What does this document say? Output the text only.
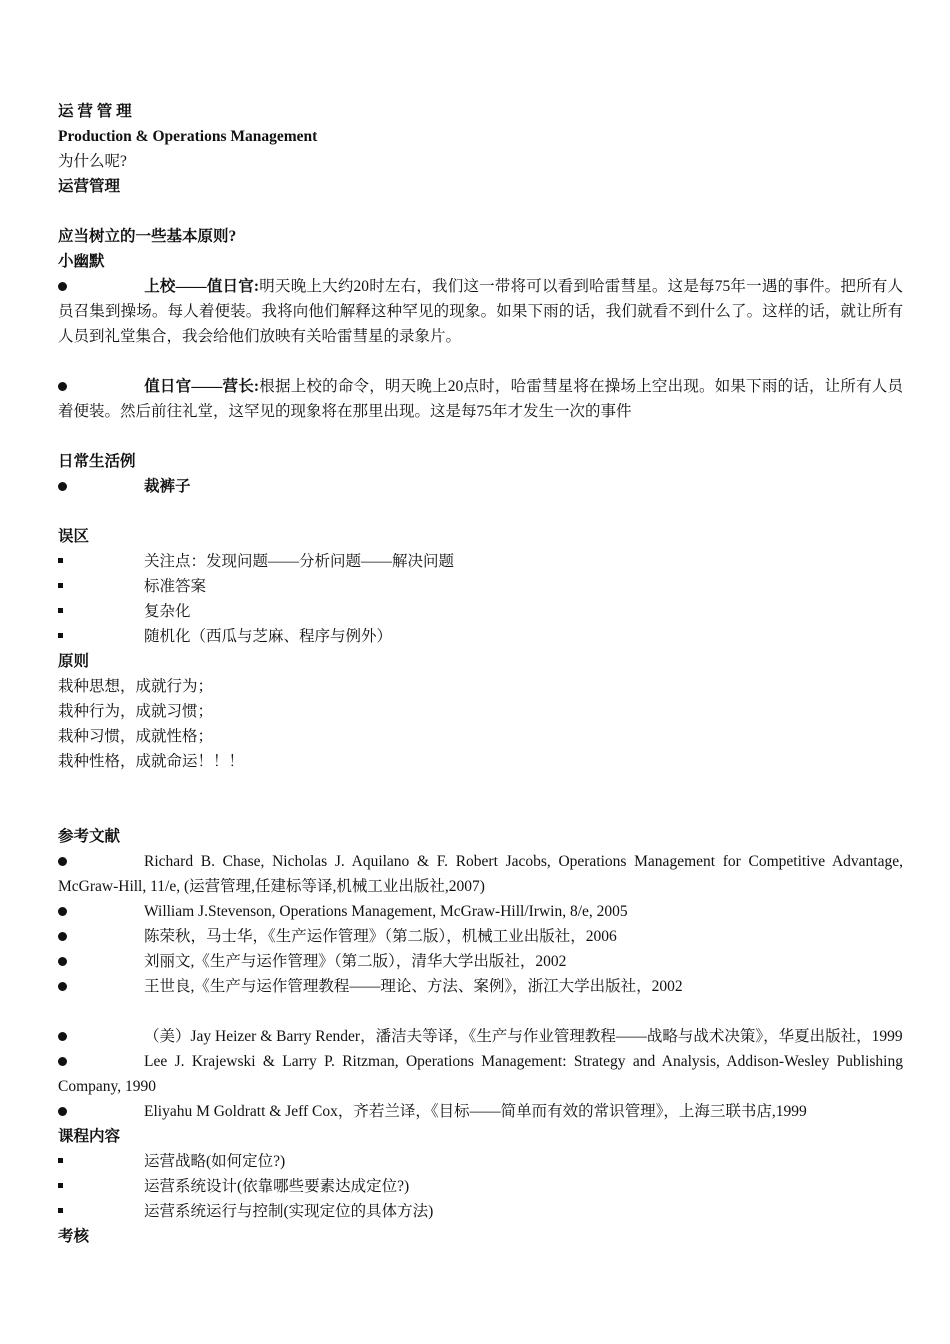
运 营 管 理
Production & Operations Management
为什么呢?
运营管理
应当树立的一些基本原则?
小幽默
上校——值日官:明天晚上大约20时左右，我们这一带将可以看到哈雷彗星。这是每75年一遇的事件。把所有人员召集到操场。每人着便装。我将向他们解释这种罕见的现象。如果下雨的话，我们就看不到什么了。这样的话，就让所有人员到礼堂集合，我会给他们放映有关哈雷彗星的录象片。
值日官——营长:根据上校的命令，明天晚上20点时，哈雷彗星将在操场上空出现。如果下雨的话，让所有人员着便装。然后前往礼堂，这罕见的现象将在那里出现。这是每75年才发生一次的事件
日常生活例
裁裤子
误区
关注点：发现问题——分析问题——解决问题
标准答案
复杂化
随机化（西瓜与芝麻、程序与例外）
原则
栽种思想，成就行为；
栽种行为，成就习惯；
栽种习惯，成就性格；
栽种性格，成就命运！！！
参考文献
Richard B. Chase, Nicholas J. Aquilano & F. Robert Jacobs, Operations Management for Competitive Advantage, McGraw-Hill, 11/e, (运营管理,任建标等译,机械工业出版社,2007)
William J.Stevenson, Operations Management, McGraw-Hill/Irwin, 8/e, 2005
陈荣秋，马士华，《生产运作管理》（第二版），机械工业出版社，2006
刘丽文,《生产与运作管理》（第二版），清华大学出版社，2002
王世良,《生产与运作管理教程——理论、方法、案例》，浙江大学出版社，2002
（美）Jay Heizer & Barry Render，潘洁夫等译，《生产与作业管理教程——战略与战术决策》，华夏出版社，1999
Lee J. Krajewski & Larry P. Ritzman, Operations Management: Strategy and Analysis, Addison-Wesley Publishing Company, 1990
Eliyahu M Goldratt & Jeff Cox，齐若兰译，《目标——简单而有效的常识管理》，上海三联书店,1999
课程内容
运营战略(如何定位?)
运营系统设计(依靠哪些要素达成定位?)
运营系统运行与控制(实现定位的具体方法)
考核
